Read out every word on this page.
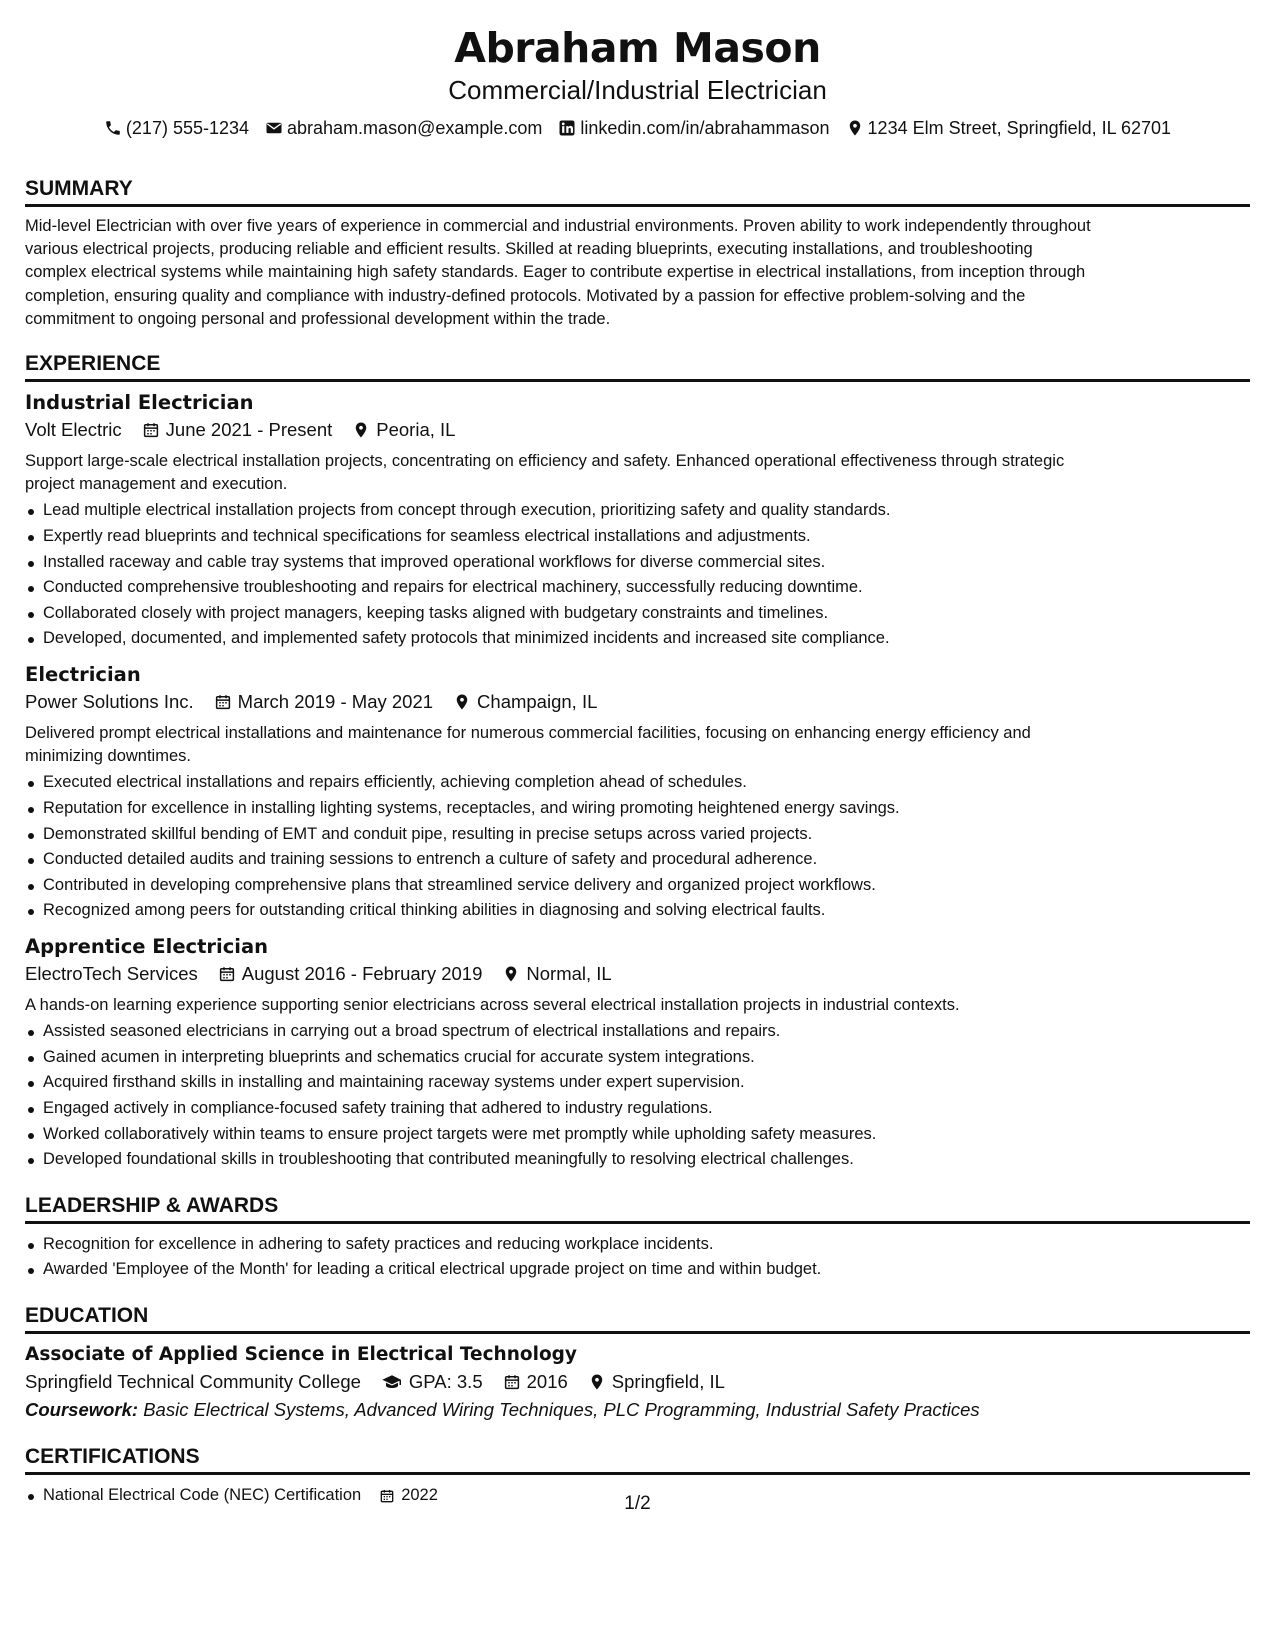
Abraham Mason
Commercial/Industrial Electrician
(217) 555-1234 abraham.mason@example.com linkedin.com/in/abrahammason 1234 Elm Street, Springfield, IL 62701
SUMMARY
Mid-level Electrician with over five years of experience in commercial and industrial environments. Proven ability to work independently throughout
various electrical projects, producing reliable and efficient results. Skilled at reading blueprints, executing installations, and troubleshooting
complex electrical systems while maintaining high safety standards. Eager to contribute expertise in electrical installations, from inception through
completion, ensuring quality and compliance with industry-defined protocols. Motivated by a passion for effective problem-solving and the
commitment to ongoing personal and professional development within the trade.
EXPERIENCE
Industrial Electrician
Volt Electric June 2021 - Present Peoria, IL
Support large-scale electrical installation projects, concentrating on efficiency and safety. Enhanced operational effectiveness through strategic
project management and execution.
Lead multiple electrical installation projects from concept through execution, prioritizing safety and quality standards.
Expertly read blueprints and technical specifications for seamless electrical installations and adjustments.
Installed raceway and cable tray systems that improved operational workflows for diverse commercial sites.
Conducted comprehensive troubleshooting and repairs for electrical machinery, successfully reducing downtime.
Collaborated closely with project managers, keeping tasks aligned with budgetary constraints and timelines.
Developed, documented, and implemented safety protocols that minimized incidents and increased site compliance.
Electrician
Power Solutions Inc. March 2019 - May 2021 Champaign, IL
Delivered prompt electrical installations and maintenance for numerous commercial facilities, focusing on enhancing energy efficiency and
minimizing downtimes.
Executed electrical installations and repairs efficiently, achieving completion ahead of schedules.
Reputation for excellence in installing lighting systems, receptacles, and wiring promoting heightened energy savings.
Demonstrated skillful bending of EMT and conduit pipe, resulting in precise setups across varied projects.
Conducted detailed audits and training sessions to entrench a culture of safety and procedural adherence.
Contributed in developing comprehensive plans that streamlined service delivery and organized project workflows.
Recognized among peers for outstanding critical thinking abilities in diagnosing and solving electrical faults.
Apprentice Electrician
ElectroTech Services August 2016 - February 2019 Normal, IL
A hands-on learning experience supporting senior electricians across several electrical installation projects in industrial contexts.
Assisted seasoned electricians in carrying out a broad spectrum of electrical installations and repairs.
Gained acumen in interpreting blueprints and schematics crucial for accurate system integrations.
Acquired firsthand skills in installing and maintaining raceway systems under expert supervision.
Engaged actively in compliance-focused safety training that adhered to industry regulations.
Worked collaboratively within teams to ensure project targets were met promptly while upholding safety measures.
Developed foundational skills in troubleshooting that contributed meaningfully to resolving electrical challenges.
LEADERSHIP & AWARDS
Recognition for excellence in adhering to safety practices and reducing workplace incidents.
Awarded 'Employee of the Month' for leading a critical electrical upgrade project on time and within budget.
EDUCATION
Associate of Applied Science in Electrical Technology
Springfield Technical Community College	GPA: 3.5 2016 Springfield, IL
Coursework: Basic Electrical Systems, Advanced Wiring Techniques, PLC Programming, Industrial Safety Practices
CERTIFICATIONS
National Electrical Code (NEC) Certification 2022	1/2
